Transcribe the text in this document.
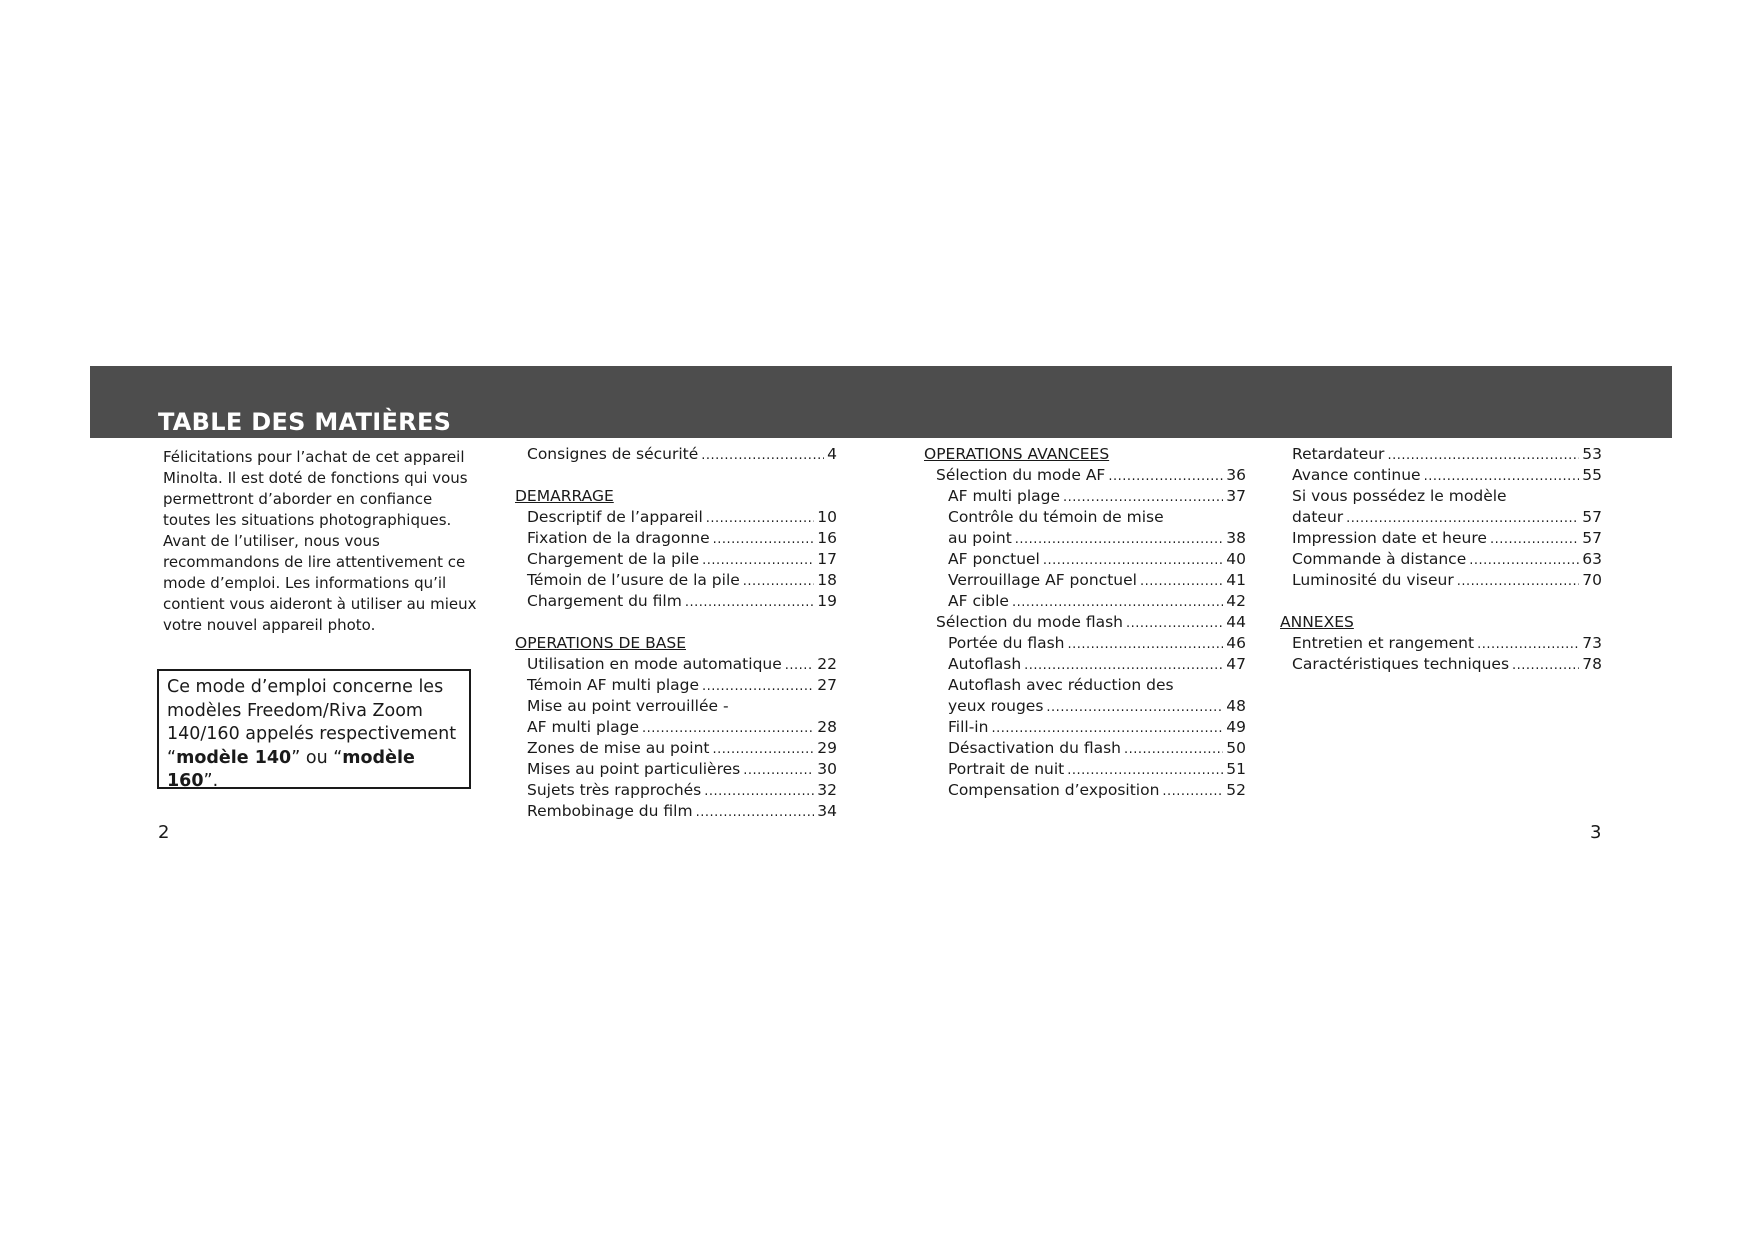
TABLE DES MATIÈRES
Félicitations pour l’achat de cet appareil
Minolta. Il est doté de fonctions qui vous
permettront d’aborder en confiance
toutes les situations photographiques.
Avant de l’utiliser, nous vous
recommandons de lire attentivement ce
mode d’emploi. Les informations qu’il
contient vous aideront à utiliser au mieux
votre nouvel appareil photo.
Ce mode d’emploi concerne les
modèles Freedom/Riva Zoom
140/160 appelés respectivement
“modèle 140” ou “modèle 160”.
Consignes de sécurité .....	4
DEMARRAGE
Descriptif de l’appareil .....	10
Fixation de la dragonne .....	16
Chargement de la pile .....	17
Témoin de l’usure de la pile .....	18
Chargement du film .....	19
OPERATIONS DE BASE
Utilisation en mode automatique ..... 22
Témoin AF multi plage .....	27
Mise au point verrouillée -
AF multi plage .....	28
Zones de mise au point .....	29
Mises au point particulières .....	30
Sujets très rapprochés .....	32
Rembobinage du film .....	34
OPERATIONS AVANCEES
Sélection du mode AF .....	36
AF multi plage .....	37
Contrôle du témoin de mise
au point .....	38
AF ponctuel .....	40
Verrouillage AF ponctuel .....	41
AF cible .....	42
Sélection du mode flash .....	44
Portée du flash .....	46
Autoflash .....	47
Autoflash avec réduction des
yeux rouges .....	48
Fill-in .....	49
Désactivation du flash .....	50
Portrait de nuit .....	51
Compensation d’exposition .....	52
Retardateur .....	53
Avance continue .....	55
Si vous possédez le modèle
dateur .....	57
Impression date et heure .....	57
Commande à distance .....	63
Luminosité du viseur .....	70
ANNEXES
Entretien et rangement .....	73
Caractéristiques techniques .....	78
2	3
